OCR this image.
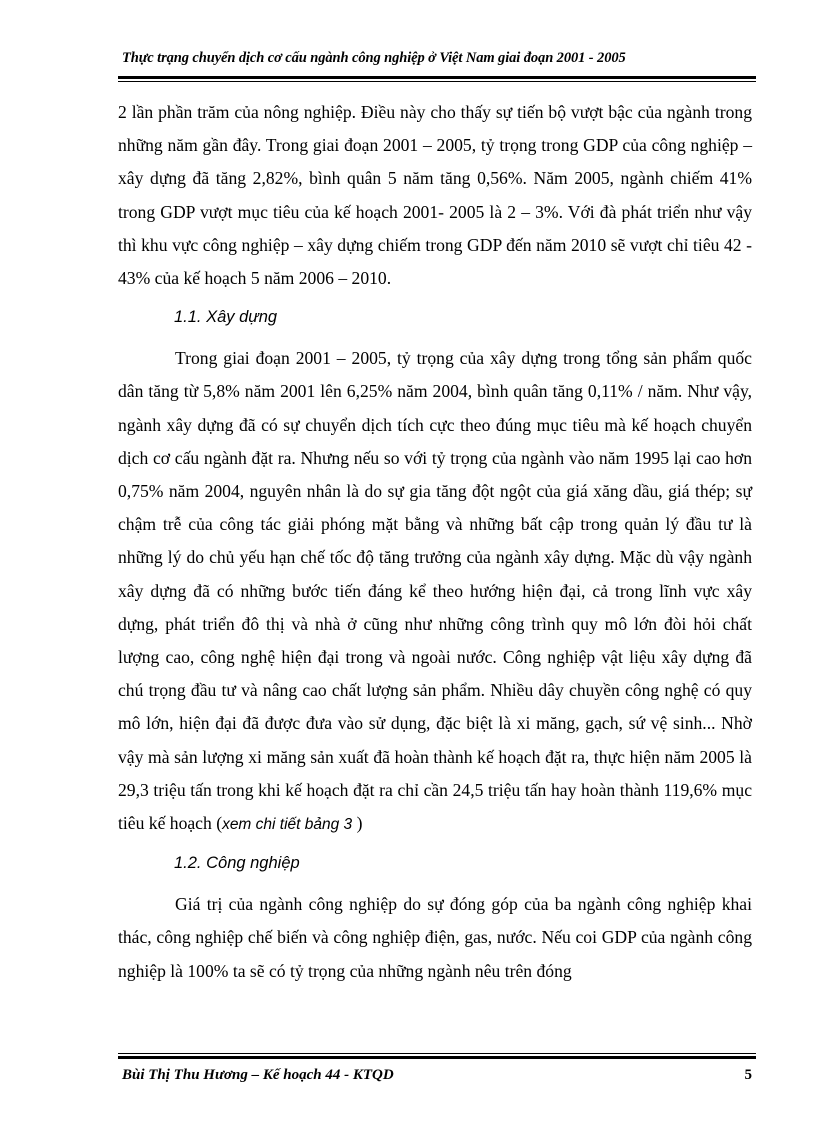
Thực trạng chuyển dịch cơ cấu ngành công nghiệp ở Việt Nam giai đoạn 2001 - 2005

2 lần phần trăm của nông nghiệp. Điều này cho thấy sự tiến bộ vượt bậc của ngành trong những năm gần đây. Trong giai đoạn 2001 – 2005, tỷ trọng trong GDP của công nghiệp – xây dựng đã tăng 2,82%, bình quân 5 năm tăng 0,56%. Năm 2005, ngành chiếm 41% trong GDP vượt mục tiêu của kế hoạch 2001- 2005 là 2 – 3%. Với đà phát triển như vậy thì khu vực công nghiệp – xây dựng chiếm trong GDP đến năm 2010 sẽ vượt chỉ tiêu 42 - 43% của kế hoạch 5 năm 2006 – 2010.

1.1. Xây dựng

Trong giai đoạn 2001 – 2005, tỷ trọng của xây dựng trong tổng sản phẩm quốc dân tăng từ 5,8% năm 2001 lên 6,25% năm 2004, bình quân tăng 0,11% / năm. Như vậy, ngành xây dựng đã có sự chuyển dịch tích cực theo đúng mục tiêu mà kế hoạch chuyển dịch cơ cấu ngành đặt ra. Nhưng nếu so với tỷ trọng của ngành vào năm 1995 lại cao hơn 0,75% năm 2004, nguyên nhân là do sự gia tăng đột ngột của giá xăng dầu, giá thép; sự chậm trễ của công tác giải phóng mặt bằng và những bất cập trong quản lý đầu tư là những lý do chủ yếu hạn chế tốc độ tăng trưởng của ngành xây dựng. Mặc dù vậy ngành xây dựng đã có những bước tiến đáng kể theo hướng hiện đại, cả trong lĩnh vực xây dựng, phát triển đô thị và nhà ở cũng như những công trình quy mô lớn đòi hỏi chất lượng cao, công nghệ hiện đại trong và ngoài nước. Công nghiệp vật liệu xây dựng đã chú trọng đầu tư và nâng cao chất lượng sản phẩm. Nhiều dây chuyền công nghệ có quy mô lớn, hiện đại đã được đưa vào sử dụng, đặc biệt là xi măng, gạch, sứ vệ sinh... Nhờ vậy mà sản lượng xi măng sản xuất đã hoàn thành kế hoạch đặt ra, thực hiện năm 2005 là 29,3 triệu tấn trong khi kế hoạch đặt ra chỉ cần 24,5 triệu tấn hay hoàn thành 119,6% mục tiêu kế hoạch (xem chi tiết bảng 3 )

1.2. Công nghiệp

Giá trị của ngành công nghiệp do sự đóng góp của ba ngành công nghiệp khai thác, công nghiệp chế biến và công nghiệp điện, gas, nước. Nếu coi GDP của ngành công nghiệp là 100% ta sẽ có tỷ trọng của những ngành nêu trên đóng

Bùi Thị Thu Hương – Kế hoạch 44 - KTQD	5
